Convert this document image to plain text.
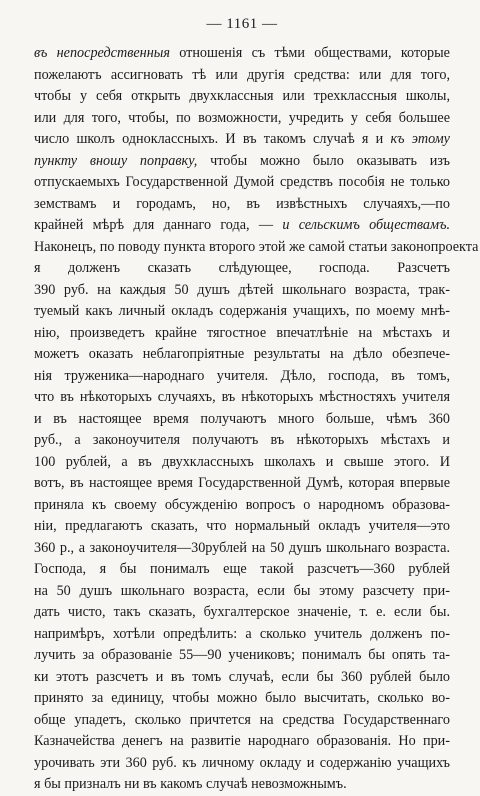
— 1161 —
въ непосредственныя отношенія съ тѣми обществами, которые
пожелаютъ ассигновать тѣ или другія средства: или для того,
чтобы у себя открыть двухклассныя или трехклассныя школы,
или для того, чтобы, по возможности, учредить у себя большее
число школъ одноклассныхъ. И въ такомъ случаѣ я и къ этому
пункту вношу поправку, чтобы можно было оказывать изъ
отпускаемыхъ Государственной Думой средствъ пособія не только
земствамъ и городамъ, но, въ извѣстныхъ случаяхъ,—по
крайней мѣрѣ для даннаго года, — и сельскимъ обществамъ.
Наконецъ, по поводу пункта второго этой же самой статьи законопроекта
я долженъ сказать слѣдующее, господа. Разсчетъ
390 руб. на каждыя 50 душъ дѣтей школьнаго возраста, трак-
туемый какъ личный окладъ содержанія учащихъ, по моему мнѣ-
нію, произведетъ крайне тягостное впечатлѣніе на мѣстахъ и
можетъ оказать неблагопріятные результаты на дѣло обезпече-
нія труженика—народнаго учителя. Дѣло, господа, въ томъ,
что въ нѣкоторыхъ случаяхъ, въ нѣкоторыхъ мѣстностяхъ учителя
и въ настоящее время получаютъ много больше, чѣмъ 360
руб., а законоучителя получаютъ въ нѣкоторыхъ мѣстахъ и
100 рублей, а въ двухклассныхъ школахъ и свыше этого. И
вотъ, въ настоящее время Государственной Думѣ, которая впервые
приняла къ своему обсужденію вопросъ о народномъ образова-
ніи, предлагаютъ сказать, что нормальный окладъ учителя—это
360 р., а законоучителя—30рублей на 50 душъ школьнаго возраста.
Господа, я бы понималъ еще такой разсчетъ—360 рублей
на 50 душъ школьнаго возраста, если бы этому разсчету при-
дать чисто, такъ сказать, бухгалтерское значеніе, т. е. если бы.
напримѣръ, хотѣли опредѣлить: а сколько учитель долженъ по-
лучить за образованіе 55—90 учениковъ; понималъ бы опять та-
ки этотъ разсчетъ и въ томъ случаѣ, если бы 360 рублей было
принято за единицу, чтобы можно было высчитать, сколько во-
обще упадетъ, сколько причтется на средства Государственнаго
Казначейства денегъ на развитіе народнаго образованія. Но при-
урочивать эти 360 руб. къ личному окладу и содержанію учащихъ
я бы призналъ ни въ какомъ случаѣ невозможнымъ.
